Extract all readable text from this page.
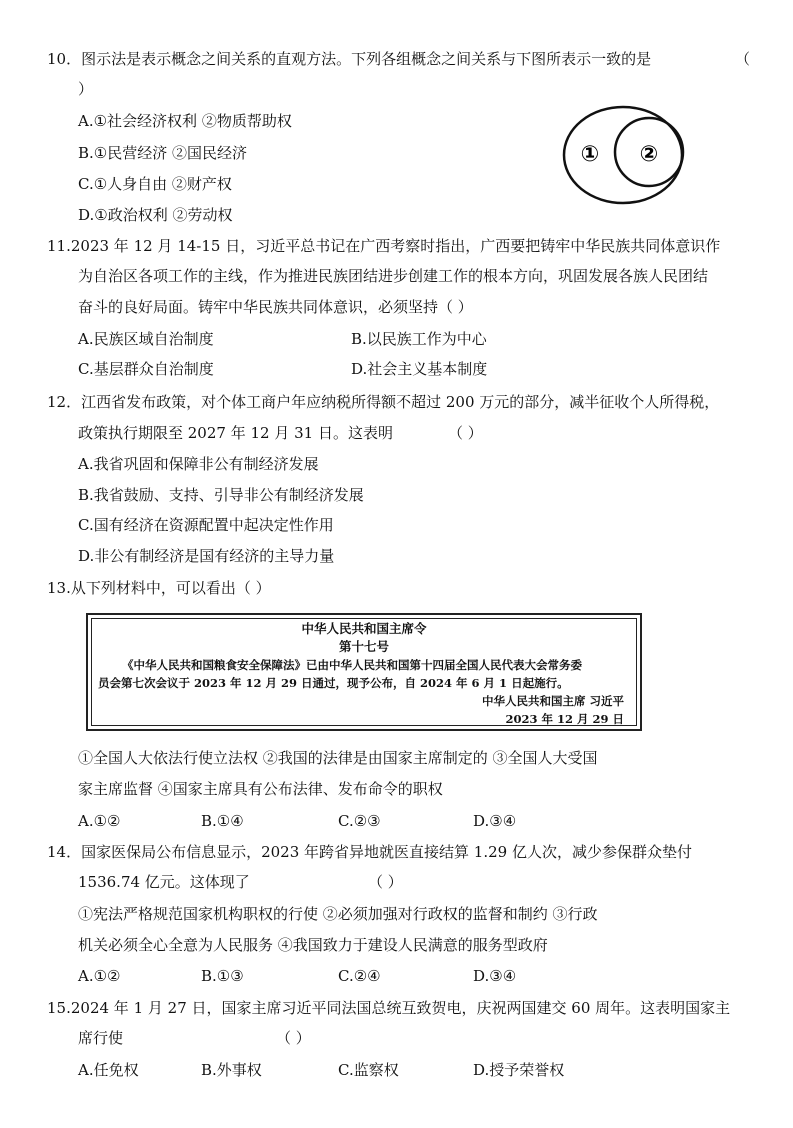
10．图示法是表示概念之间关系的直观方法。下列各组概念之间关系与下图所表示一致的是	（
）
A.①社会经济权利 ②物质帮助权
B.①民营经济 ②国民经济
C.①人身自由 ②财产权
D.①政治权利 ②劳动权
① ②
11.2023 年 12 月 14-15 日，习近平总书记在广西考察时指出，广西要把铸牢中华民族共同体意识作
为自治区各项工作的主线，作为推进民族团结进步创建工作的根本方向，巩固发展各族人民团结
奋斗的良好局面。铸牢中华民族共同体意识，必须坚持（ ）
A.民族区域自治制度	B.以民族工作为中心
C.基层群众自治制度	D.社会主义基本制度
12．江西省发布政策，对个体工商户年应纳税所得额不超过 200 万元的部分，减半征收个人所得税，
政策执行期限至 2027 年 12 月 31 日。这表明	（ ）
A.我省巩固和保障非公有制经济发展
B.我省鼓励、支持、引导非公有制经济发展
C.国有经济在资源配置中起决定性作用
D.非公有制经济是国有经济的主导力量
13.从下列材料中，可以看出（ ）
中华人民共和国主席令
第十七号
《中华人民共和国粮食安全保障法》已由中华人民共和国第十四届全国人民代表大会常务委
员会第七次会议于 2023 年 12 月 29 日通过，现予公布，自 2024 年 6 月 1 日起施行。
中华人民共和国主席 习近平
2023 年 12 月 29 日
①全国人大依法行使立法权 ②我国的法律是由国家主席制定的 ③全国人大受国
家主席监督 ④国家主席具有公布法律、发布命令的职权
A.①②	B.①④	C.②③	D.③④
14．国家医保局公布信息显示，2023 年跨省异地就医直接结算 1.29 亿人次，减少参保群众垫付
1536.74 亿元。这体现了	（ ）
①宪法严格规范国家机构职权的行使 ②必须加强对行政权的监督和制约 ③行政
机关必须全心全意为人民服务 ④我国致力于建设人民满意的服务型政府
A.①②	B.①③	C.②④	D.③④
15.2024 年 1 月 27 日，国家主席习近平同法国总统互致贺电，庆祝两国建交 60 周年。这表明国家主
席行使	（ ）
A.任免权	B.外事权	C.监察权	D.授予荣誉权
